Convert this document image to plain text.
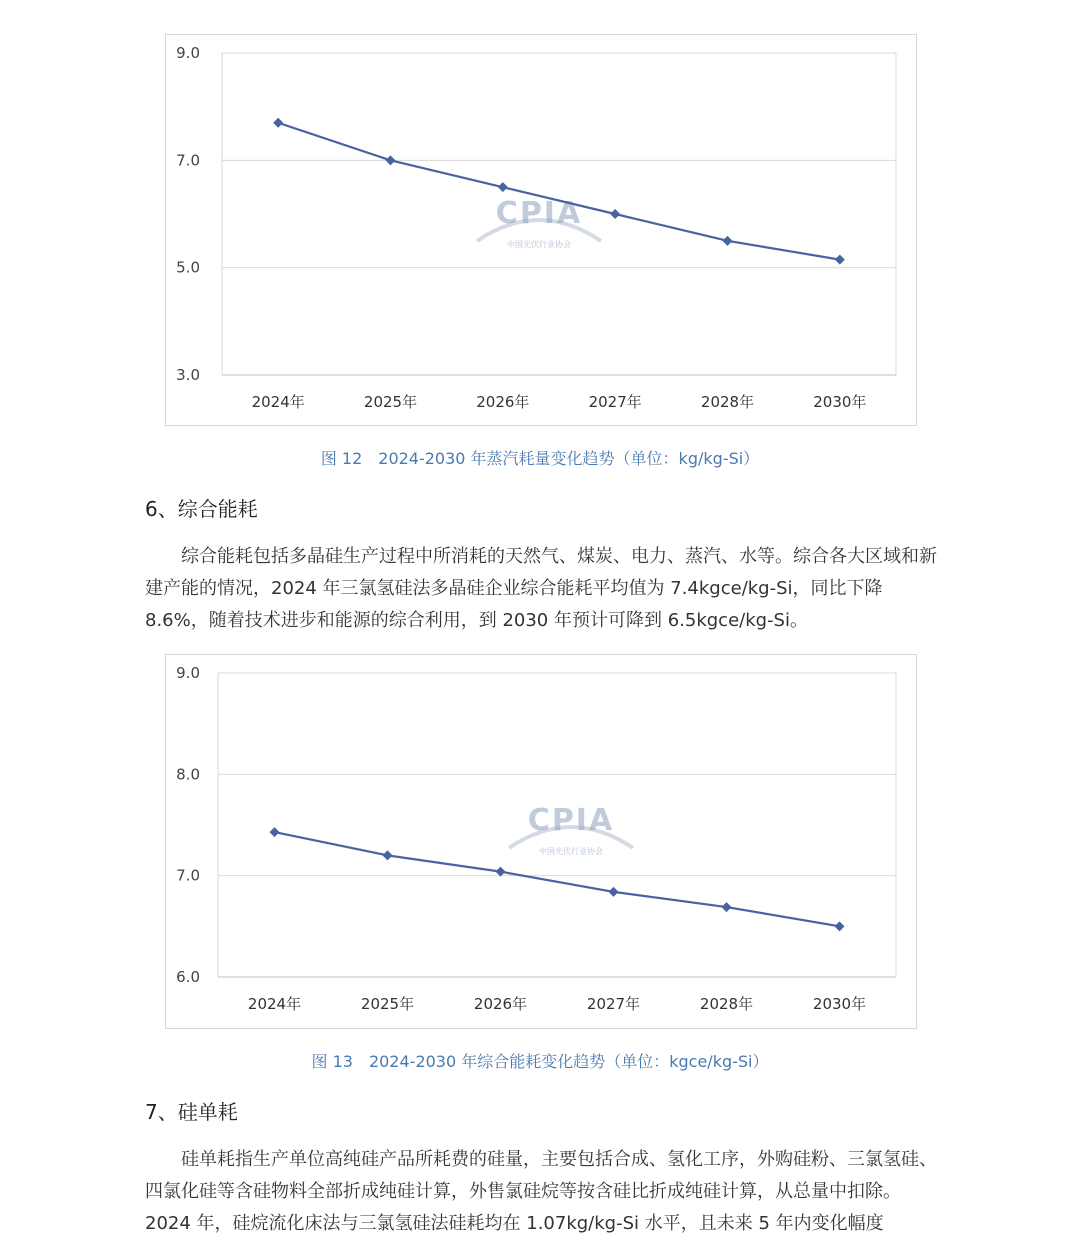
9.0
7.0
5.0
3.0
CPIA
中国光伏行业协会
2024年	2025年	2026年	2027年	2028年	2030年
图 12　2024-2030 年蒸汽耗量变化趋势（单位：kg/kg-Si）
6、综合能耗

综合能耗包括多晶硅生产过程中所消耗的天然气、煤炭、电力、蒸汽、水等。综合各大区域和新建产能的情况，2024 年三氯氢硅法多晶硅企业综合能耗平均值为 7.4kgce/kg-Si，同比下降 8.6%，随着技术进步和能源的综合利用，到 2030 年预计可降到 6.5kgce/kg-Si。

9.0
8.0
7.0
6.0
CPIA
中国光伏行业协会
2024年	2025年	2026年	2027年	2028年	2030年
图 13　2024-2030 年综合能耗变化趋势（单位：kgce/kg-Si）
7、硅单耗

硅单耗指生产单位高纯硅产品所耗费的硅量，主要包括合成、氢化工序，外购硅粉、三氯氢硅、四氯化硅等含硅物料全部折成纯硅计算，外售氯硅烷等按含硅比折成纯硅计算，从总量中扣除。2024 年，硅烷流化床法与三氯氢硅法硅耗均在 1.07kg/kg-Si 水平，且未来 5 年内变化幅度
